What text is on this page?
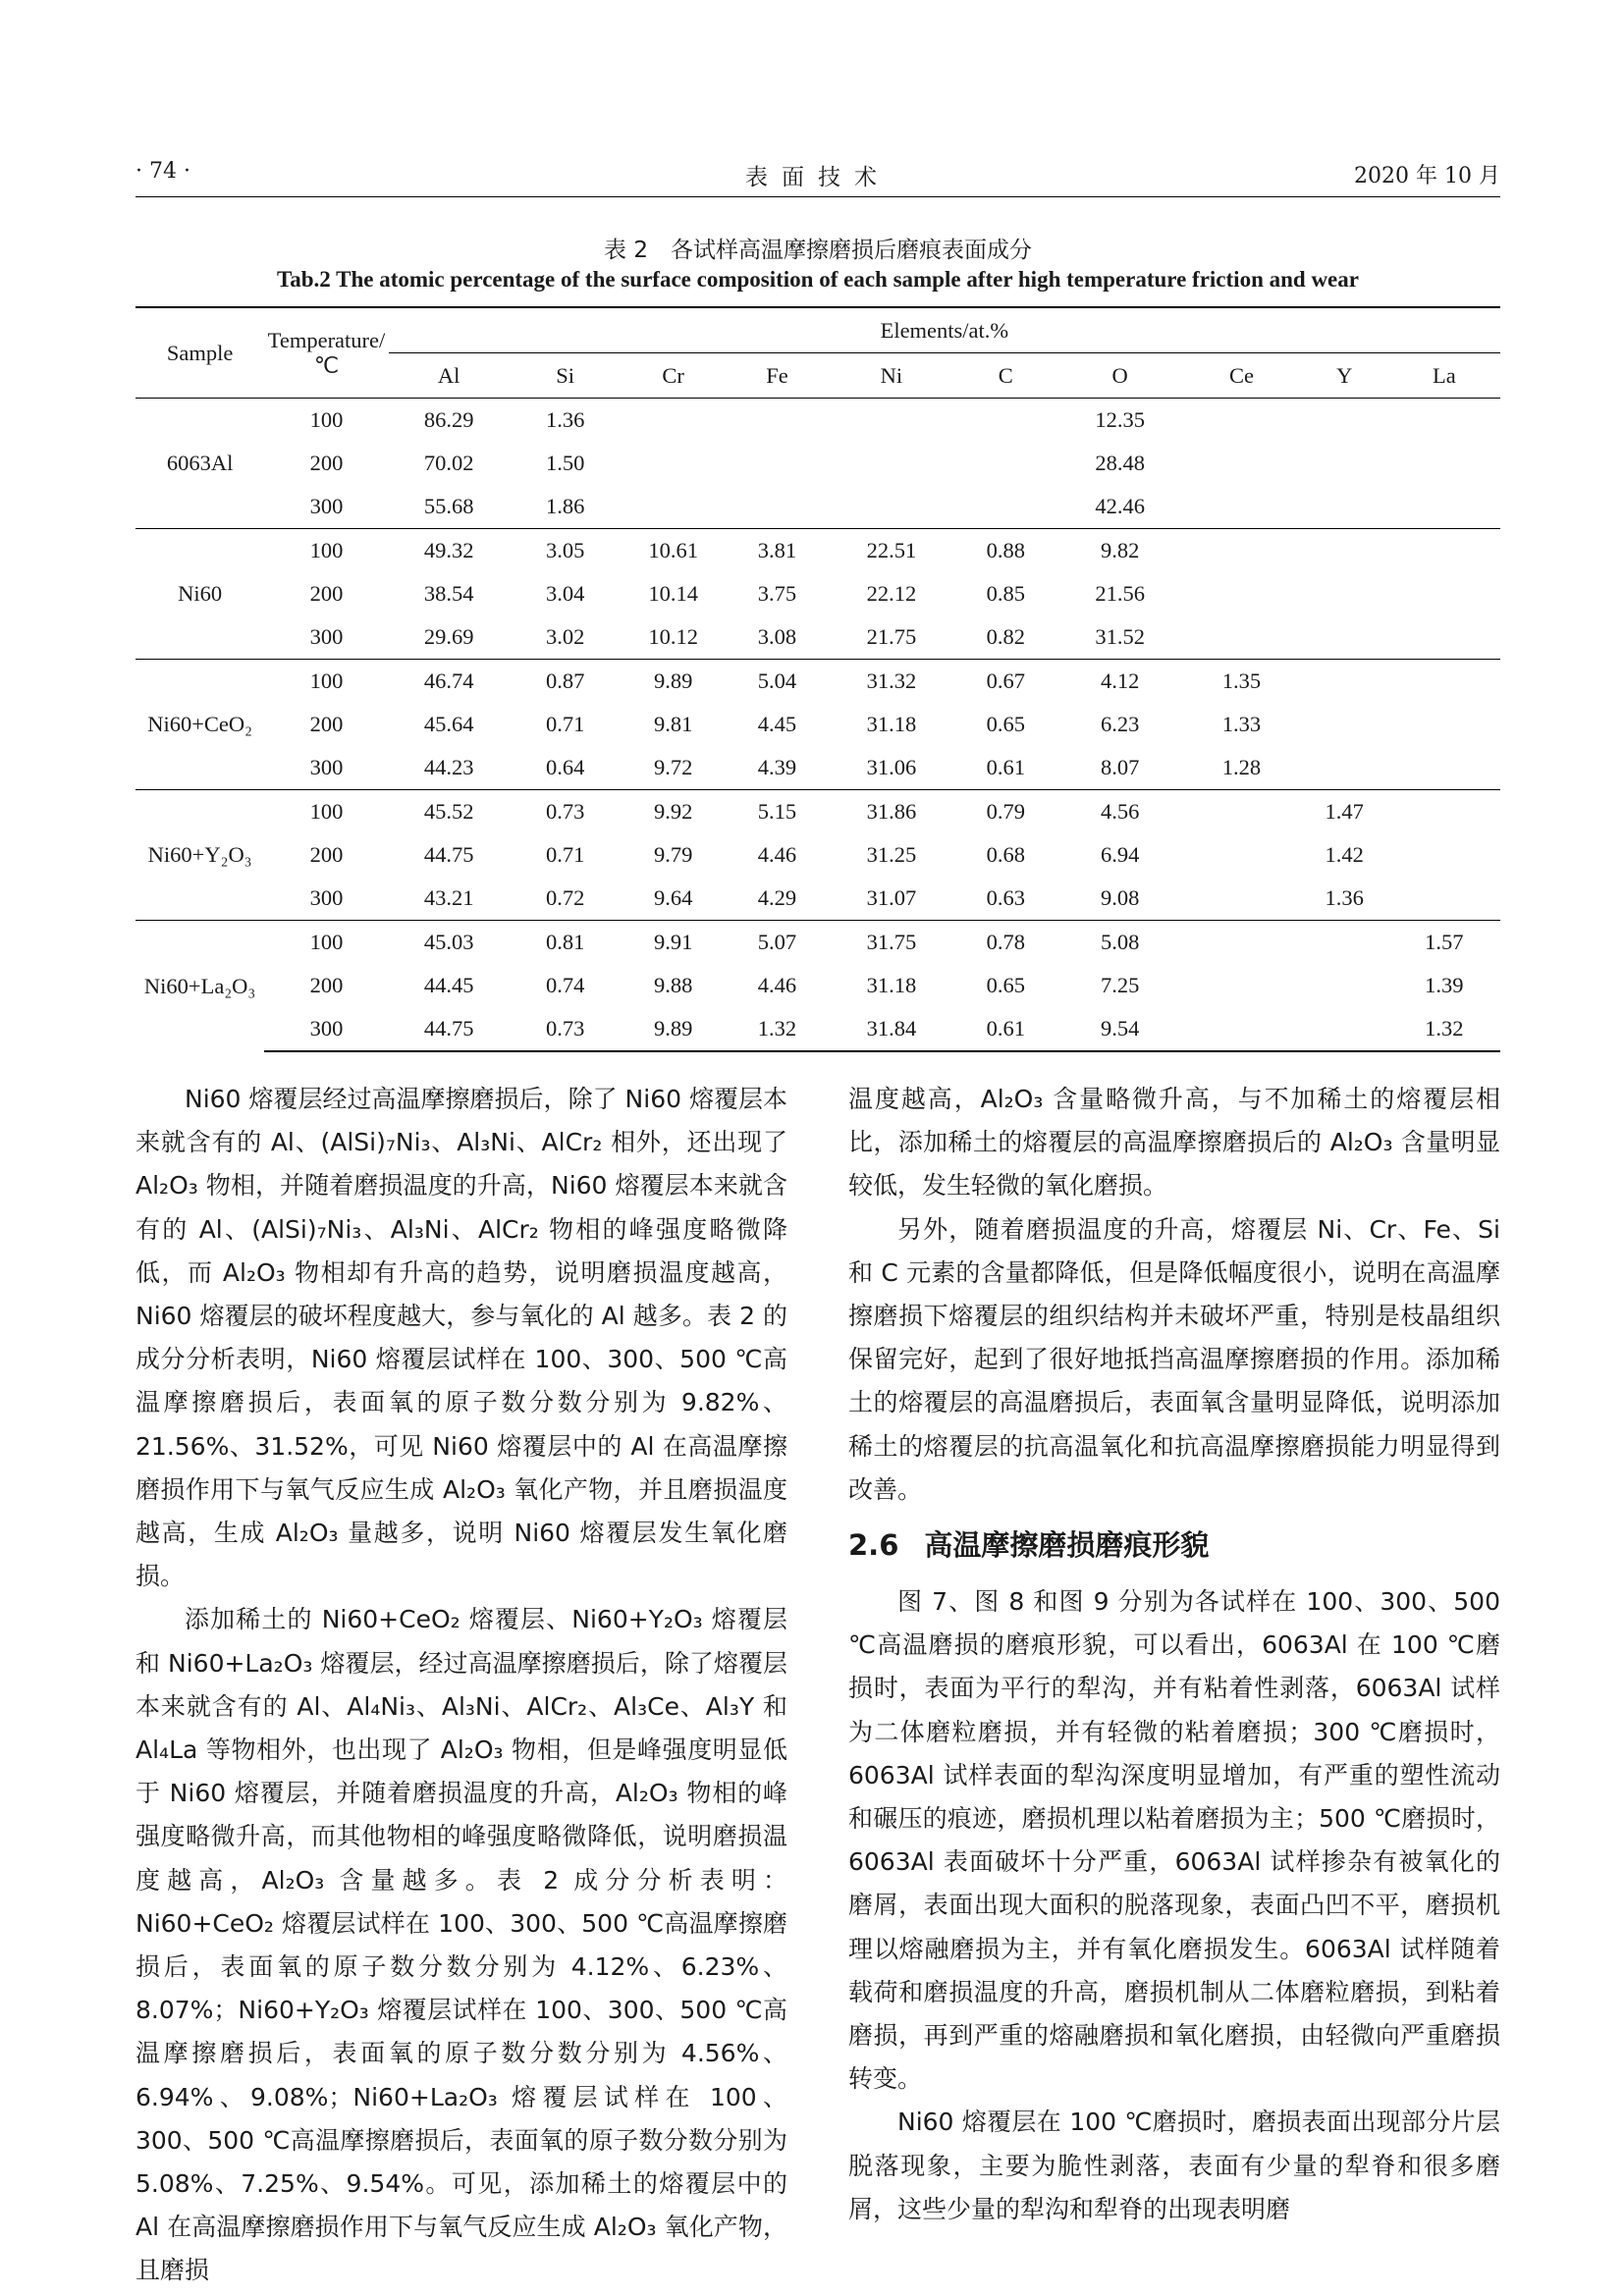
· 74 ·	表面技术	2020 年 10 月
表 2　各试样高温摩擦磨损后磨痕表面成分
Tab.2 The atomic percentage of the surface composition of each sample after high temperature friction and wear
Sample	Temperature/ ℃	Elements/at.%									
		Al	Si	Cr	Fe	Ni	C	O	Ce	Y	La
6063Al	100	86.29	1.36					12.35			
	200	70.02	1.50					28.48			
	300	55.68	1.86					42.46			
Ni60	100	49.32	3.05	10.61	3.81	22.51	0.88	9.82			
	200	38.54	3.04	10.14	3.75	22.12	0.85	21.56			
	300	29.69	3.02	10.12	3.08	21.75	0.82	31.52			
Ni60+CeO₂	100	46.74	0.87	9.89	5.04	31.32	0.67	4.12	1.35		
	200	45.64	0.71	9.81	4.45	31.18	0.65	6.23	1.33		
	300	44.23	0.64	9.72	4.39	31.06	0.61	8.07	1.28		
Ni60+Y₂O₃	100	45.52	0.73	9.92	5.15	31.86	0.79	4.56		1.47	
	200	44.75	0.71	9.79	4.46	31.25	0.68	6.94		1.42	
	300	43.21	0.72	9.64	4.29	31.07	0.63	9.08		1.36	
Ni60+La₂O₃	100	45.03	0.81	9.91	5.07	31.75	0.78	5.08			1.57
	200	44.45	0.74	9.88	4.46	31.18	0.65	7.25			1.39
	300	44.75	0.73	9.89	1.32	31.84	0.61	9.54			1.32

Ni60 熔覆层经过高温摩擦磨损后，除了 Ni60 熔覆层本来就含有的 Al、(AlSi)₇Ni₃、Al₃Ni、AlCr₂ 相外，还出现了 Al₂O₃ 物相，并随着磨损温度的升高，Ni60 熔覆层本来就含有的 Al、(AlSi)₇Ni₃、Al₃Ni、AlCr₂ 物相的峰强度略微降低，而 Al₂O₃ 物相却有升高的趋势，说明磨损温度越高，Ni60 熔覆层的破坏程度越大，参与氧化的 Al 越多。表 2 的成分分析表明，Ni60 熔覆层试样在 100、300、500 ℃高温摩擦磨损后，表面氧的原子数分数分别为 9.82%、21.56%、31.52%，可见 Ni60 熔覆层中的 Al 在高温摩擦磨损作用下与氧气反应生成 Al₂O₃ 氧化产物，并且磨损温度越高，生成 Al₂O₃ 量越多，说明 Ni60 熔覆层发生氧化磨损。

添加稀土的 Ni60+CeO₂ 熔覆层、Ni60+Y₂O₃ 熔覆层和 Ni60+La₂O₃ 熔覆层，经过高温摩擦磨损后，除了熔覆层本来就含有的 Al、Al₄Ni₃、Al₃Ni、AlCr₂、Al₃Ce、Al₃Y 和 Al₄La 等物相外，也出现了 Al₂O₃ 物相，但是峰强度明显低于 Ni60 熔覆层，并随着磨损温度的升高，Al₂O₃ 物相的峰强度略微升高，而其他物相的峰强度略微降低，说明磨损温度越高，Al₂O₃ 含量越多。表 2 成分分析表明：Ni60+CeO₂ 熔覆层试样在 100、300、500 ℃高温摩擦磨损后，表面氧的原子数分数分别为 4.12%、6.23%、8.07%；Ni60+Y₂O₃ 熔覆层试样在 100、300、500 ℃高温摩擦磨损后，表面氧的原子数分数分别为 4.56%、6.94%、9.08%；Ni60+La₂O₃ 熔覆层试样在 100、300、500 ℃高温摩擦磨损后，表面氧的原子数分数分别为 5.08%、7.25%、9.54%。可见，添加稀土的熔覆层中的 Al 在高温摩擦磨损作用下与氧气反应生成 Al₂O₃ 氧化产物，且磨损

温度越高，Al₂O₃ 含量略微升高，与不加稀土的熔覆层相比，添加稀土的熔覆层的高温摩擦磨损后的 Al₂O₃ 含量明显较低，发生轻微的氧化磨损。

另外，随着磨损温度的升高，熔覆层 Ni、Cr、Fe、Si 和 C 元素的含量都降低，但是降低幅度很小，说明在高温摩擦磨损下熔覆层的组织结构并未破坏严重，特别是枝晶组织保留完好，起到了很好地抵挡高温摩擦磨损的作用。添加稀土的熔覆层的高温磨损后，表面氧含量明显降低，说明添加稀土的熔覆层的抗高温氧化和抗高温摩擦磨损能力明显得到改善。

2.6 高温摩擦磨损磨痕形貌

图 7、图 8 和图 9 分别为各试样在 100、300、500 ℃高温磨损的磨痕形貌，可以看出，6063Al 在 100 ℃磨损时，表面为平行的犁沟，并有粘着性剥落，6063Al 试样为二体磨粒磨损，并有轻微的粘着磨损；300 ℃磨损时，6063Al 试样表面的犁沟深度明显增加，有严重的塑性流动和碾压的痕迹，磨损机理以粘着磨损为主；500 ℃磨损时，6063Al 表面破坏十分严重，6063Al 试样掺杂有被氧化的磨屑，表面出现大面积的脱落现象，表面凸凹不平，磨损机理以熔融磨损为主，并有氧化磨损发生。6063Al 试样随着载荷和磨损温度的升高，磨损机制从二体磨粒磨损，到粘着磨损，再到严重的熔融磨损和氧化磨损，由轻微向严重磨损转变。

Ni60 熔覆层在 100 ℃磨损时，磨损表面出现部分片层脱落现象，主要为脆性剥落，表面有少量的犁脊和很多磨屑，这些少量的犁沟和犁脊的出现表明磨
